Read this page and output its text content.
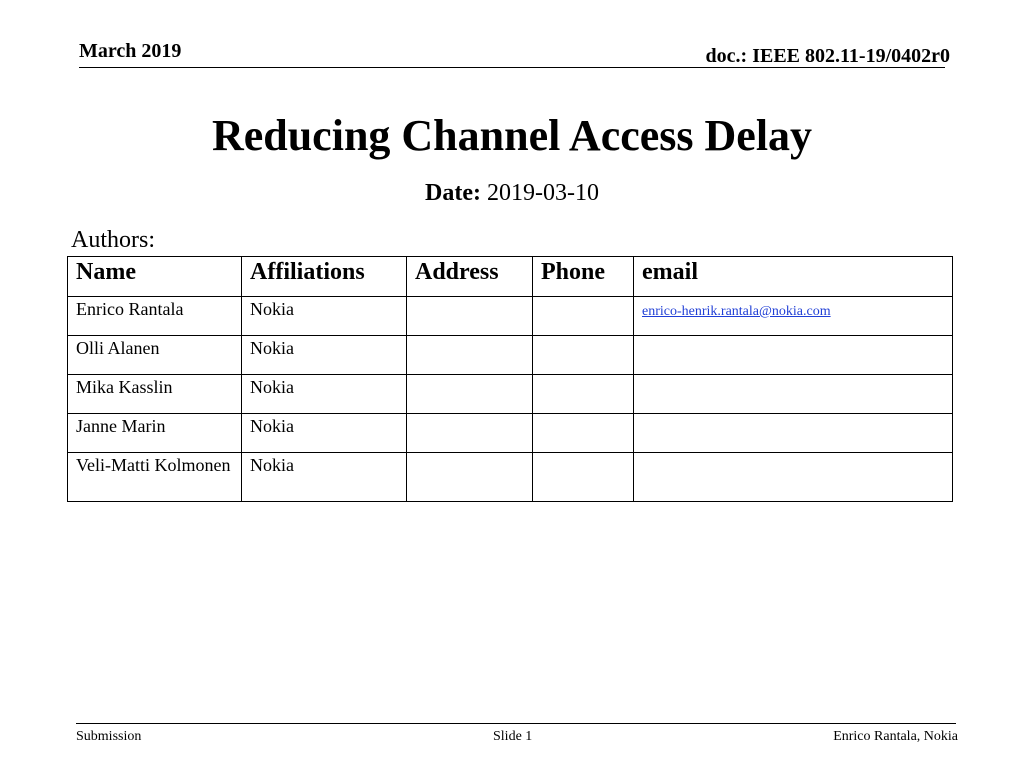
March 2019	doc.: IEEE 802.11-19/0402r0
Reducing Channel Access Delay
Date: 2019-03-10
Authors:
Name	Affiliations	Address	Phone	email
Enrico Rantala	Nokia			enrico-henrik.rantala@nokia.com
Olli Alanen	Nokia			
Mika Kasslin	Nokia			
Janne Marin	Nokia			
Veli-Matti Kolmonen	Nokia			
Submission	Slide 1	Enrico Rantala, Nokia
